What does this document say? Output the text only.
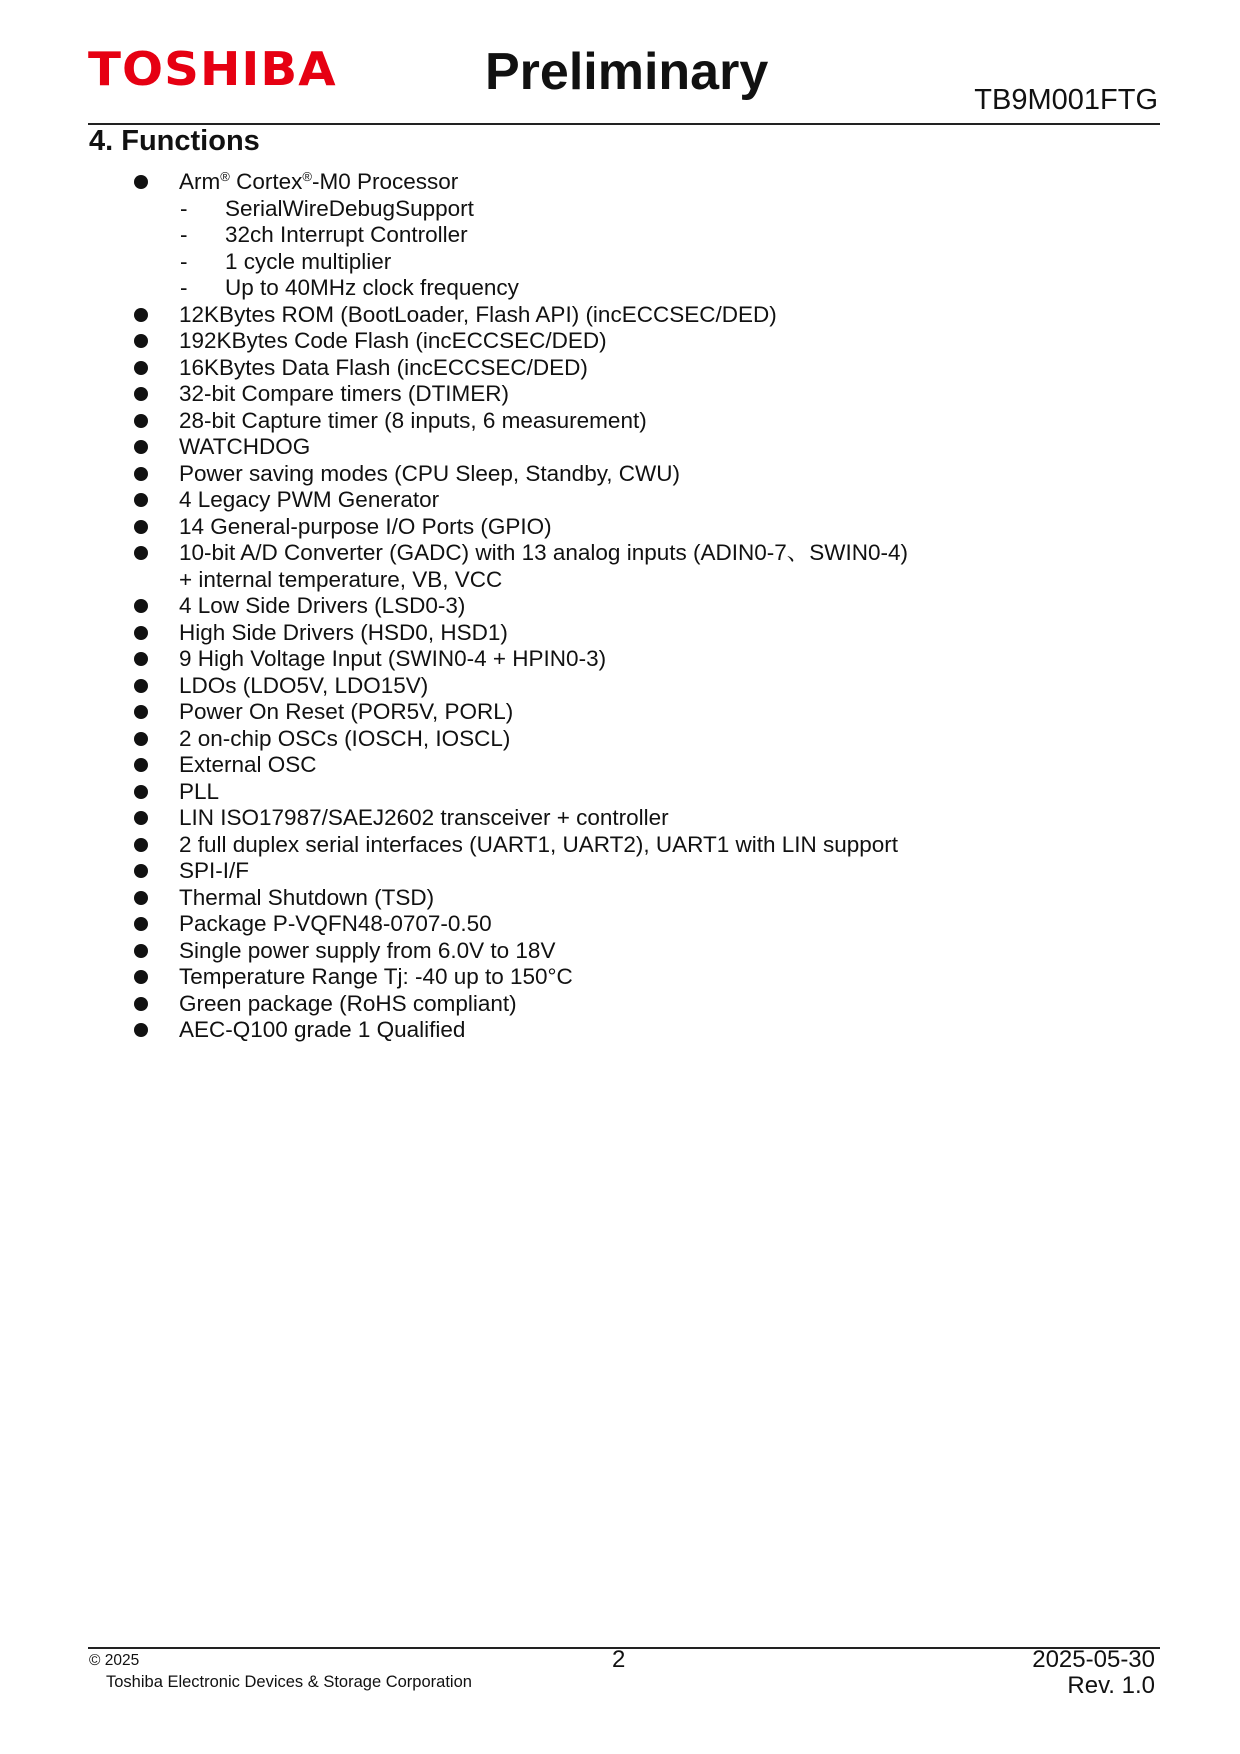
TOSHIBA	Preliminary	TB9M001FTG
4. Functions
Arm® Cortex®-M0 Processor
-	SerialWireDebugSupport
-	32ch Interrupt Controller
-	1 cycle multiplier
-	Up to 40MHz clock frequency
12KBytes ROM (BootLoader, Flash API) (incECCSEC/DED)
192KBytes Code Flash (incECCSEC/DED)
16KBytes Data Flash (incECCSEC/DED)
32-bit Compare timers (DTIMER)
28-bit Capture timer (8 inputs, 6 measurement)
WATCHDOG
Power saving modes (CPU Sleep, Standby, CWU)
4 Legacy PWM Generator
14 General-purpose I/O Ports (GPIO)
10-bit A/D Converter (GADC) with 13 analog inputs (ADIN0-7、SWIN0-4)
+ internal temperature, VB, VCC
4 Low Side Drivers (LSD0-3)
High Side Drivers (HSD0, HSD1)
9 High Voltage Input (SWIN0-4 + HPIN0-3)
LDOs (LDO5V, LDO15V)
Power On Reset (POR5V, PORL)
2 on-chip OSCs (IOSCH, IOSCL)
External OSC
PLL
LIN ISO17987/SAEJ2602 transceiver + controller
2 full duplex serial interfaces (UART1, UART2), UART1 with LIN support
SPI-I/F
Thermal Shutdown (TSD)
Package P-VQFN48-0707-0.50
Single power supply from 6.0V to 18V
Temperature Range Tj: -40 up to 150°C
Green package (RoHS compliant)
AEC-Q100 grade 1 Qualified
© 2025
Toshiba Electronic Devices & Storage Corporation
2	2025-05-30
Rev. 1.0
